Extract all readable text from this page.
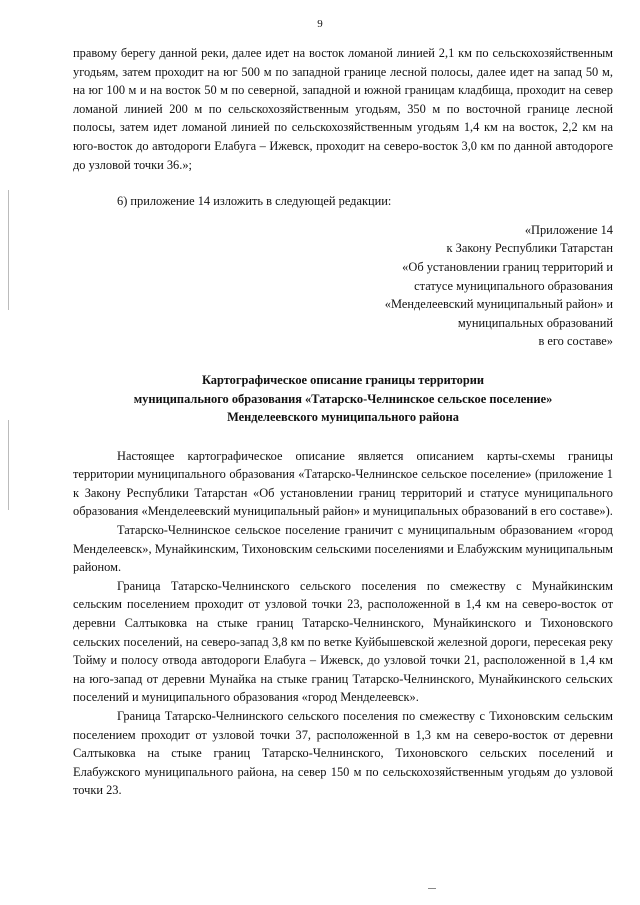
9

правому берегу данной реки, далее идет на восток ломаной линией 2,1 км по сельскохозяйственным угодьям, затем проходит на юг 500 м по западной границе лесной полосы, далее идет на запад 50 м, на юг 100 м и на восток 50 м по северной, западной и южной границам кладбища, проходит на север ломаной линией 200 м по сельскохозяйственным угодьям, 350 м по восточной границе лесной полосы, затем идет ломаной линией по сельскохозяйственным угодьям 1,4 км на восток, 2,2 км на юго-восток до автодороги Елабуга – Ижевск, проходит на северо-восток 3,0 км по данной автодороге до узловой точки 36.»;

6) приложение 14 изложить в следующей редакции:

«Приложение 14
к Закону Республики Татарстан
«Об установлении границ территорий и
статусе муниципального образования
«Менделеевский муниципальный район» и
муниципальных образований
в его составе»
Картографическое описание границы территории
муниципального образования «Татарско-Челнинское сельское поселение»
Менделеевского муниципального района

Настоящее картографическое описание является описанием карты-схемы границы территории муниципального образования «Татарско-Челнинское сельское поселение» (приложение 1 к Закону Республики Татарстан «Об установлении границ территорий и статусе муниципального образования «Менделеевский муниципальный район» и муниципальных образований в его составе»).

Татарско-Челнинское сельское поселение граничит с муниципальным образованием «город Менделеевск», Мунайкинским, Тихоновским сельскими поселениями и Елабужским муниципальным районом.

Граница Татарско-Челнинского сельского поселения по смежеству с Мунайкинским сельским поселением проходит от узловой точки 23, расположенной в 1,4 км на северо-восток от деревни Салтыковка на стыке границ Татарско-Челнинского, Мунайкинского и Тихоновского сельских поселений, на северо-запад 3,8 км по ветке Куйбышевской железной дороги, пересекая реку Тойму и полосу отвода автодороги Елабуга – Ижевск, до узловой точки 21, расположенной в 1,4 км на юго-запад от деревни Мунайка на стыке границ Татарско-Челнинского, Мунайкинского сельских поселений и муниципального образования «город Менделеевск».

Граница Татарско-Челнинского сельского поселения по смежеству с Тихоновским сельским поселением проходит от узловой точки 37, расположенной в 1,3 км на северо-восток от деревни Салтыковка на стыке границ Татарско-Челнинского, Тихоновского сельских поселений и Елабужского муниципального района, на север 150 м по сельскохозяйственным угодьям до узловой точки 23.
